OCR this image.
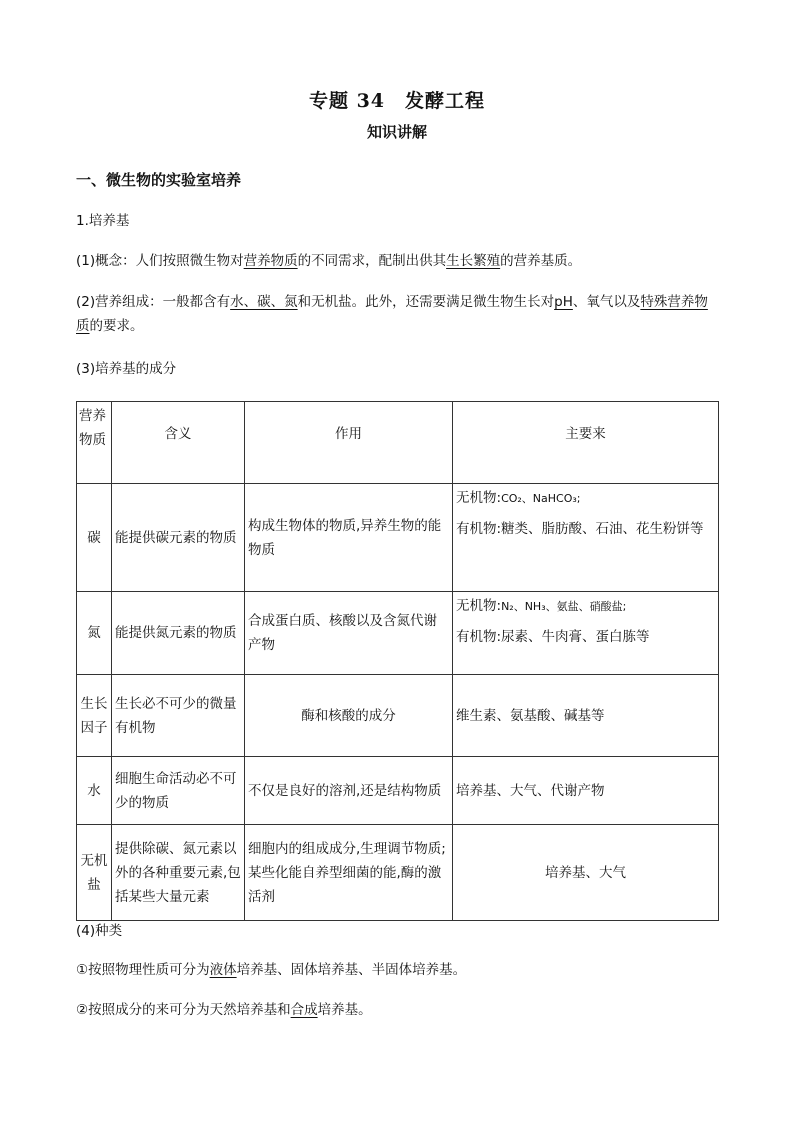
专题 34　发酵工程
知识讲解
一、微生物的实验室培养
1.培养基
(1)概念：人们按照微生物对营养物质的不同需求，配制出供其生长繁殖的营养基质。
(2)营养组成：一般都含有水、碳、氮和无机盐。此外，还需要满足微生物生长对pH、氧气以及特殊营养物质的要求。
(3)培养基的成分
营养物质	含义	作用	主要来
碳	能提供碳元素的物质	构成生物体的物质,异养生物的能物质	无机物:CO₂、NaHCO₃;
有机物:糖类、脂肪酸、石油、花生粉饼等

氮	能提供氮元素的物质	合成蛋白质、核酸以及含氮代谢产物	无机物:N₂、NH₃、氨盐、硝酸盐;
有机物:尿素、牛肉膏、蛋白胨等

生长因子	生长必不可少的微量有机物	酶和核酸的成分	维生素、氨基酸、碱基等
水	细胞生命活动必不可少的物质	不仅是良好的溶剂,还是结构物质	培养基、大气、代谢产物
无机盐	提供除碳、氮元素以外的各种重要元素,包括某些大量元素	细胞内的组成成分,生理调节物质;某些化能自养型细菌的能,酶的激活剂	培养基、大气
(4)种类
①按照物理性质可分为液体培养基、固体培养基、半固体培养基。
②按照成分的来可分为天然培养基和合成培养基。
